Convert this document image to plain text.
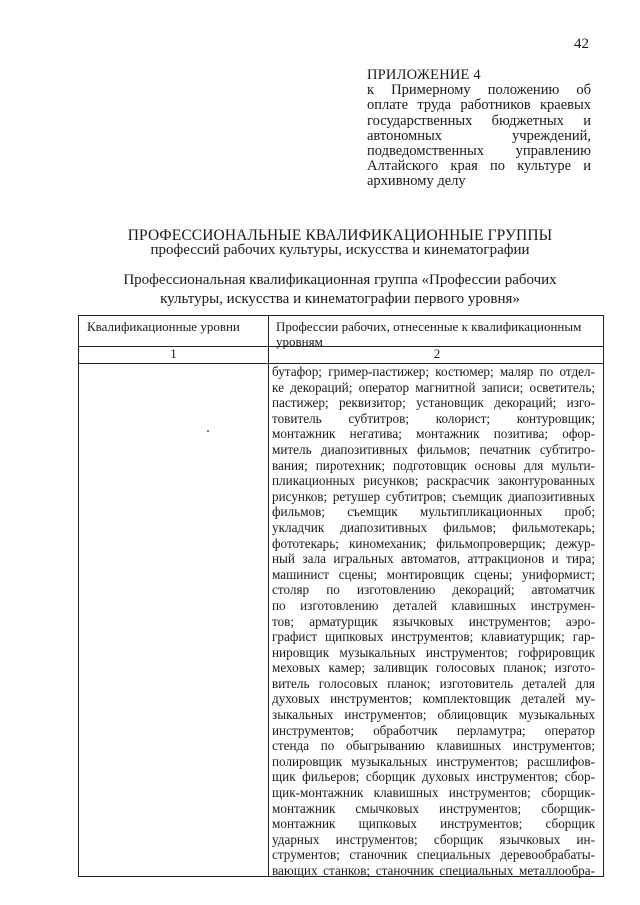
42
ПРИЛОЖЕНИЕ 4
к Примерному положению об
оплате труда работников краевых
государственных бюджетных и
автономных учреждений,
подведомственных управлению
Алтайского края по культуре и
архивному делу
ПРОФЕССИОНАЛЬНЫЕ КВАЛИФИКАЦИОННЫЕ ГРУППЫ
профессий рабочих культуры, искусства и кинематографии
Профессиональная квалификационная группа «Профессии рабочих
культуры, искусства и кинематографии первого уровня»
Квалификационные уровни	Профессии рабочих, отнесенные к квалификационным уровням
1	2
бутафор; гример-пастижер; костюмер; маляр по отдел-
ке декораций; оператор магнитной записи; осветитель;
пастижер; реквизитор; установщик декораций; изго-
товитель субтитров; колорист; контуровщик;
монтажник негатива; монтажник позитива; офор-
митель диапозитивных фильмов; печатник субтитро-
вания; пиротехник; подготовщик основы для мульти-
пликационных рисунков; раскрасчик законтурованных
рисунков; ретушер субтитров; съемщик диапозитивных
фильмов; съемщик мультипликационных проб;
укладчик диапозитивных фильмов; фильмотекарь;
фототекарь; киномеханик; фильмопроверщик; дежур-
ный зала игральных автоматов, аттракционов и тира;
машинист сцены; монтировщик сцены; униформист;
столяр по изготовлению декораций; автоматчик
по изготовлению деталей клавишных инструмен-
тов; арматурщик язычковых инструментов; аэро-
графист щипковых инструментов; клавиатурщик; гар-
нировщик музыкальных инструментов; гофрировщик
меховых камер; заливщик голосовых планок; изгото-
витель голосовых планок; изготовитель деталей для
духовых инструментов; комплектовщик деталей му-
зыкальных инструментов; облицовщик музыкальных
инструментов; обработчик перламутра; оператор
стенда по обыгрыванию клавишных инструментов;
полировщик музыкальных инструментов; расшлифов-
щик фильеров; сборщик духовых инструментов; сбор-
щик-монтажник клавишных инструментов; сборщик-
монтажник смычковых инструментов; сборщик-
монтажник щипковых инструментов; сборщик
ударных инструментов; сборщик язычковых ин-
струментов; станочник специальных деревообрабаты-
вающих станков; станочник специальных металлообра-
